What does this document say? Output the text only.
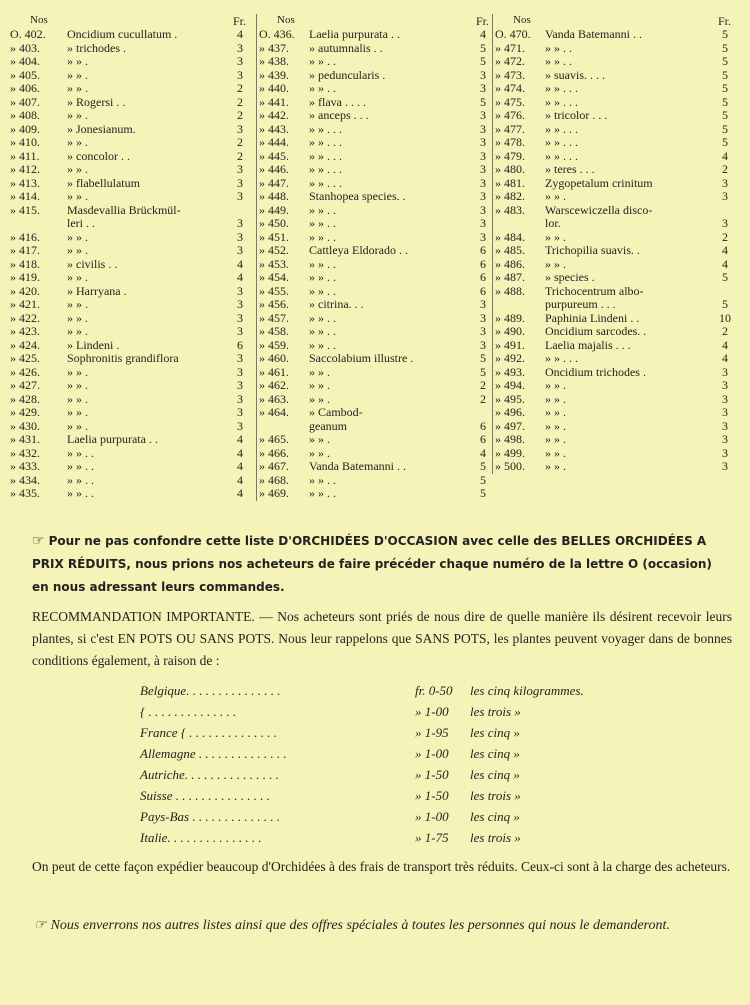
Nos	Fr.
O. 402.	Oncidium cucullatum .	4
» 403.	» trichodes .	3
» 404.	» » .	3
» 405.	» » .	3
» 406.	» » .	2
» 407.	» Rogersi . .	2
» 408.	» » .	2
» 409.	» Jonesianum.	3
» 410.	» » .	2
» 411.	» concolor . .	2
» 412.	» » .	3
» 413.	» flabellulatum	3
» 414.	» » .	3
» 415.	Masdevallia Brückmül-
leri . .	3
» 416.	» » .	3
» 417.	» » .	3
» 418.	» civilis . .	4
» 419.	» » .	4
» 420.	» Harryana .	3
» 421.	» » .	3
» 422.	» » .	3
» 423.	» » .	3
» 424.	» Lindeni .	6
» 425.	Sophronitis grandiflora	3
» 426.	» » .	3
» 427.	» » .	3
» 428.	» » .	3
» 429.	» » .	3
» 430.	» » .	3
» 431.	Laelia purpurata . .	4
» 432.	» » . .	4
» 433.	» » . .	4
» 434.	» » . .	4
» 435.	» » . .	4
Nos	Fr.
O. 436.	Laelia purpurata . .	4
» 437.	» autumnalis . .	5
» 438.	» » . .	5
» 439.	» peduncularis .	3
» 440.	» » . .	3
» 441.	» flava . . . .	5
» 442.	» anceps . . .	3
» 443.	» » . . .	3
» 444.	» » . . .	3
» 445.	» » . . .	3
» 446.	» » . . .	3
» 447.	» » . . .	3
» 448.	Stanhopea species. .	3
» 449.	» » . .	3
» 450.	» » . .	3
» 451.	» » . .	3
» 452.	Cattleya Eldorado . .	6
» 453.	» » . .	6
» 454.	» » . .	6
» 455.	» » . .	6
» 456.	» citrina. . .	3
» 457.	» » . .	3
» 458.	» » . .	3
» 459.	» » . .	3
» 460.	Saccolabium illustre .	5
» 461.	» » .	5
» 462.	» » .	2
» 463.	» » .	2
» 464.	» Cambod-
geanum	6
» 465.	» » .	6
» 466.	» » .	4
» 467.	Vanda Batemanni . .	5
» 468.	» » . .	5
» 469.	» » . .	5
Nos	Fr.
O. 470.	Vanda Batemanni . .	5
» 471.	» » . .	5
» 472.	» » . .	5
» 473.	» suavis. . . .	5
» 474.	» » . . .	5
» 475.	» » . . .	5
» 476.	» tricolor . . .	5
» 477.	» » . . .	5
» 478.	» » . . .	5
» 479.	» » . . .	4
» 480.	» teres . . .	2
» 481.	Zygopetalum crinitum	3
» 482.	» » .	3
» 483.	Warscewiczella disco-
lor.	3
» 484.	» » .	2
» 485.	Trichopilia suavis. .	4
» 486.	» » .	4
» 487.	» species .	5
» 488.	Trichocentrum albo-
purpureum . . .	5
» 489.	Paphinia Lindeni . .	10
» 490.	Oncidium sarcodes. .	2
» 491.	Laelia majalis . . .	4
» 492.	» » . . .	4
» 493.	Oncidium trichodes .	3
» 494.	» » .	3
» 495.	» » .	3
» 496.	» » .	3
» 497.	» » .	3
» 498.	» » .	3
» 499.	» » .	3
» 500.	» » .	3
☞ Pour ne pas confondre cette liste D'ORCHIDÉES D'OCCASION avec celle des BELLES ORCHIDÉES A PRIX RÉDUITS, nous prions nos acheteurs de faire précéder chaque numéro de la lettre O (occasion) en nous adressant leurs commandes.
RECOMMANDATION IMPORTANTE. — Nos acheteurs sont priés de nous dire de quelle manière ils désirent recevoir leurs plantes, si c'est EN POTS OU SANS POTS. Nous leur rappelons que SANS POTS, les plantes peuvent voyager dans de bonnes conditions également, à raison de :
Belgique. . . . . . . . . . . . . . .	fr. 0-50 les cinq kilogrammes.
{ . . . . . . . . . . . . . .	» 1-00 les trois »
France { . . . . . . . . . . . . . .	» 1-95 les cinq »
Allemagne . . . . . . . . . . . . . .	» 1-00 les cinq »
Autriche. . . . . . . . . . . . . . .	» 1-50 les cinq »
Suisse . . . . . . . . . . . . . . .	» 1-50 les trois »
Pays-Bas . . . . . . . . . . . . . .	» 1-00 les cinq »
Italie. . . . . . . . . . . . . . .	» 1-75 les trois »
On peut de cette façon expédier beaucoup d'Orchidées à des frais de transport très réduits. Ceux-ci sont à la charge des acheteurs.
☞ Nous enverrons nos autres listes ainsi que des offres spéciales à toutes les personnes qui nous le demanderont.
